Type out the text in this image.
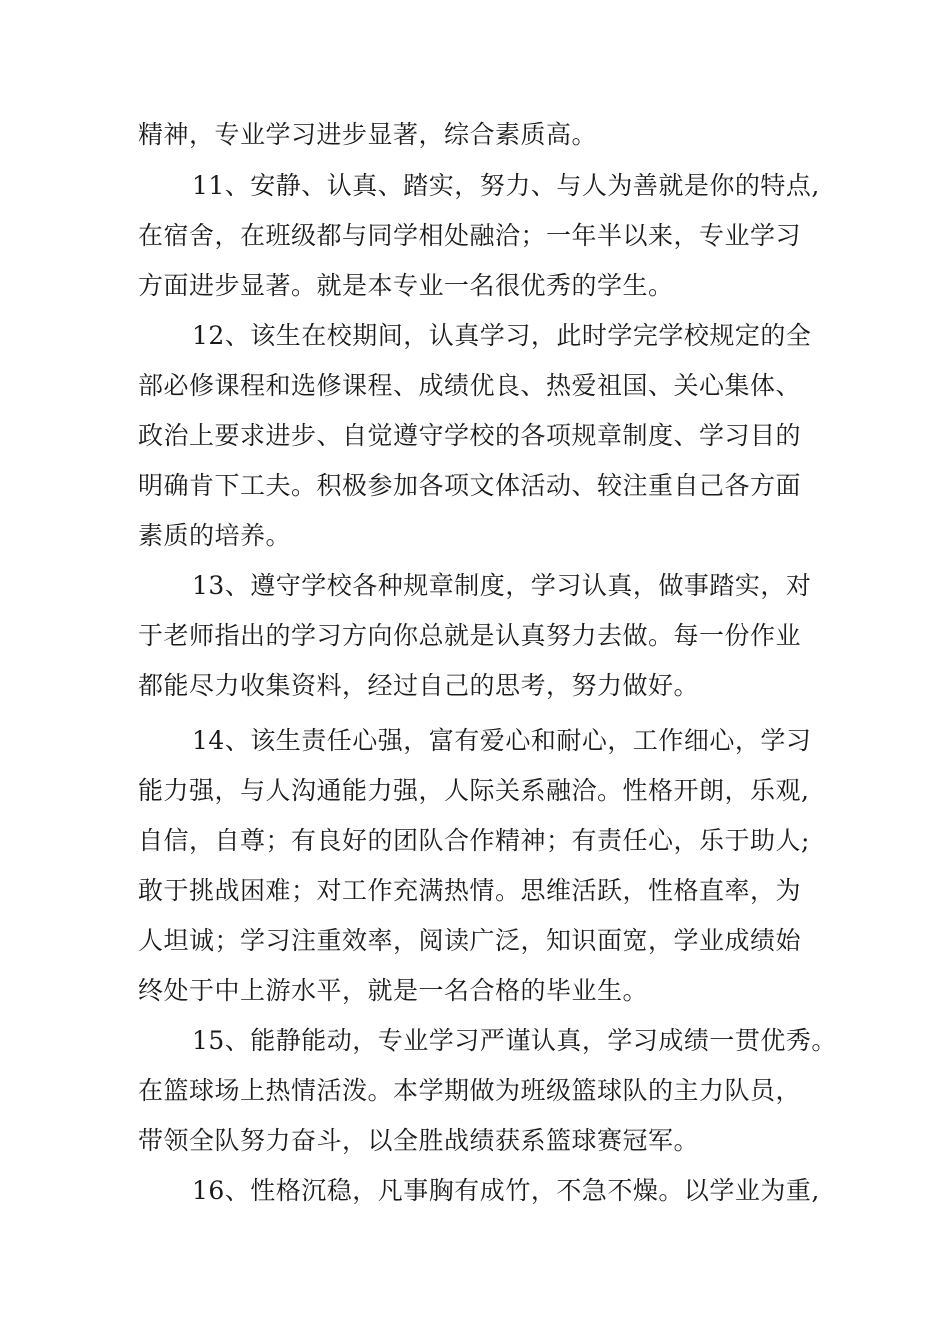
精神，专业学习进步显著，综合素质高。
11、安静、认真、踏实，努力、与人为善就是你的特点,
在宿舍，在班级都与同学相处融洽；一年半以来，专业学习
方面进步显著。就是本专业一名很优秀的学生。
12、该生在校期间，认真学习，此时学完学校规定的全
部必修课程和选修课程、成绩优良、热爱祖国、关心集体、
政治上要求进步、自觉遵守学校的各项规章制度、学习目的
明确肯下工夫。积极参加各项文体活动、较注重自己各方面
素质的培养。
13、遵守学校各种规章制度，学习认真，做事踏实，对
于老师指出的学习方向你总就是认真努力去做。每一份作业
都能尽力收集资料，经过自己的思考，努力做好。
14、该生责任心强，富有爱心和耐心，工作细心，学习
能力强，与人沟通能力强，人际关系融洽。性格开朗，乐观,
自信，自尊；有良好的团队合作精神；有责任心，乐于助人;
敢于挑战困难；对工作充满热情。思维活跃，性格直率，为
人坦诚；学习注重效率，阅读广泛，知识面宽，学业成绩始
终处于中上游水平，就是一名合格的毕业生。
15、能静能动，专业学习严谨认真，学习成绩一贯优秀。
在篮球场上热情活泼。本学期做为班级篮球队的主力队员，
带领全队努力奋斗，以全胜战绩获系篮球赛冠军。
16、性格沉稳，凡事胸有成竹，不急不燥。以学业为重,
